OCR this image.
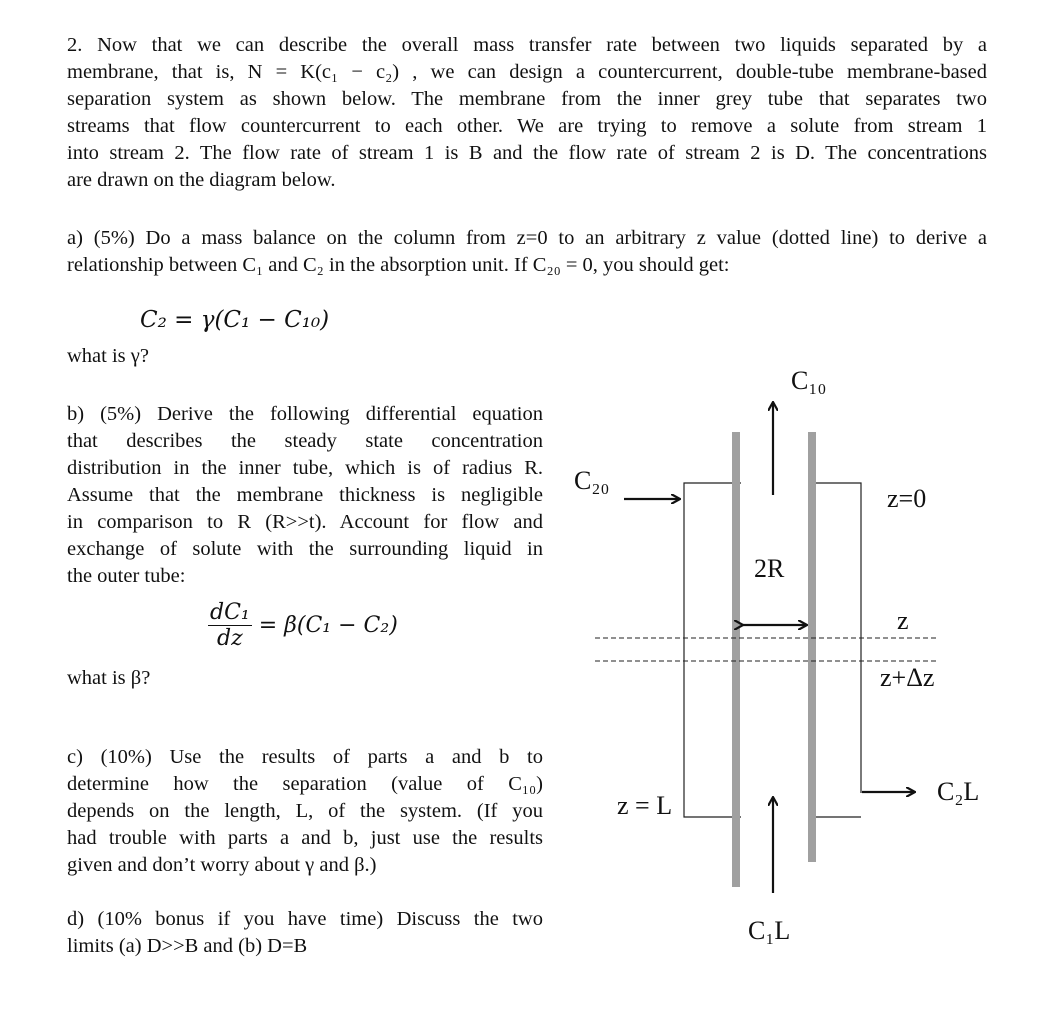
2. Now that we can describe the overall mass transfer rate between two liquids separated by a
membrane, that is, N = K(c₁ − c₂) , we can design a countercurrent, double-tube membrane-based
separation system as shown below. The membrane from the inner grey tube that separates two
streams that flow countercurrent to each other. We are trying to remove a solute from stream 1
into stream 2. The flow rate of stream 1 is B and the flow rate of stream 2 is D. The concentrations
are drawn on the diagram below.
a) (5%) Do a mass balance on the column from z=0 to an arbitrary z value (dotted line) to derive a
relationship between C₁ and C₂ in the absorption unit. If C₂₀ = 0, you should get:
C₂ = γ(C₁ − C₁₀)
what is γ?
b) (5%) Derive the following differential equation
that describes the steady state concentration
distribution in the inner tube, which is of radius R.
Assume that the membrane thickness is negligible
in comparison to R (R>>t). Account for flow and
exchange of solute with the surrounding liquid in
the outer tube:
$\frac{\text{dC₁}}{dz} = \beta(C_1 - C_2)$
what is β?
c) (10%) Use the results of parts a and b to
determine how the separation (value of C₁₀)
depends on the length, L, of the system. (If you
had trouble with parts a and b, just use the results
given and don’t worry about γ and β.)
d) (10% bonus if you have time) Discuss the two
limits (a) D>>B and (b) D=B
C₁₀
C₂₀
z=0
2R
z
z+Δz
z = L	C₂L
C₁L
